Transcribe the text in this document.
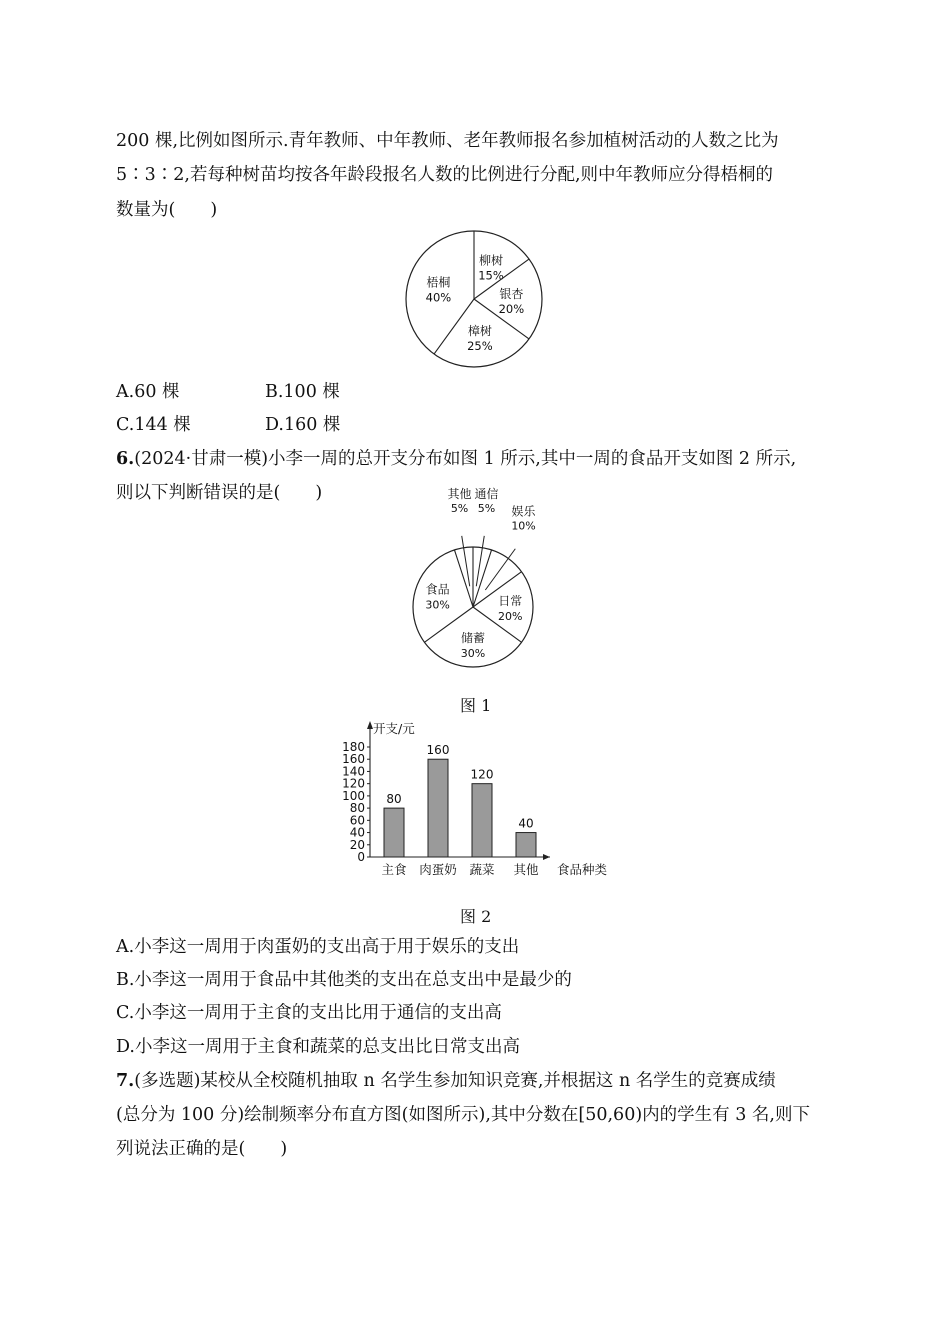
200 棵,比例如图所示.青年教师、中年教师、老年教师报名参加植树活动的人数之比为
5∶3∶2,若每种树苗均按各年龄段报名人数的比例进行分配,则中年教师应分得梧桐的
数量为(　　)
柳树
15%
银杏
20%
樟树
25%
梧桐
40%
A.60 棵	B.100 棵
C.144 棵	D.160 棵
6.(2024·甘肃一模)小李一周的总开支分布如图 1 所示,其中一周的食品开支如图 2 所示,
则以下判断错误的是(　　)	通信
5% 娱乐
10%
日常
20%
储蓄
30%
食品
30%
其他
5%
图 1
开支/元
0
20
40
60
80
100
120
140
160
180
80
主食
160
肉蛋奶
120
蔬菜
40
其他 食品种类
图 2
A.小李这一周用于肉蛋奶的支出高于用于娱乐的支出
B.小李这一周用于食品中其他类的支出在总支出中是最少的
C.小李这一周用于主食的支出比用于通信的支出高
D.小李这一周用于主食和蔬菜的总支出比日常支出高
7.(多选题)某校从全校随机抽取 n 名学生参加知识竞赛,并根据这 n 名学生的竞赛成绩
(总分为 100 分)绘制频率分布直方图(如图所示),其中分数在[50,60)内的学生有 3 名,则下
列说法正确的是(　　)
